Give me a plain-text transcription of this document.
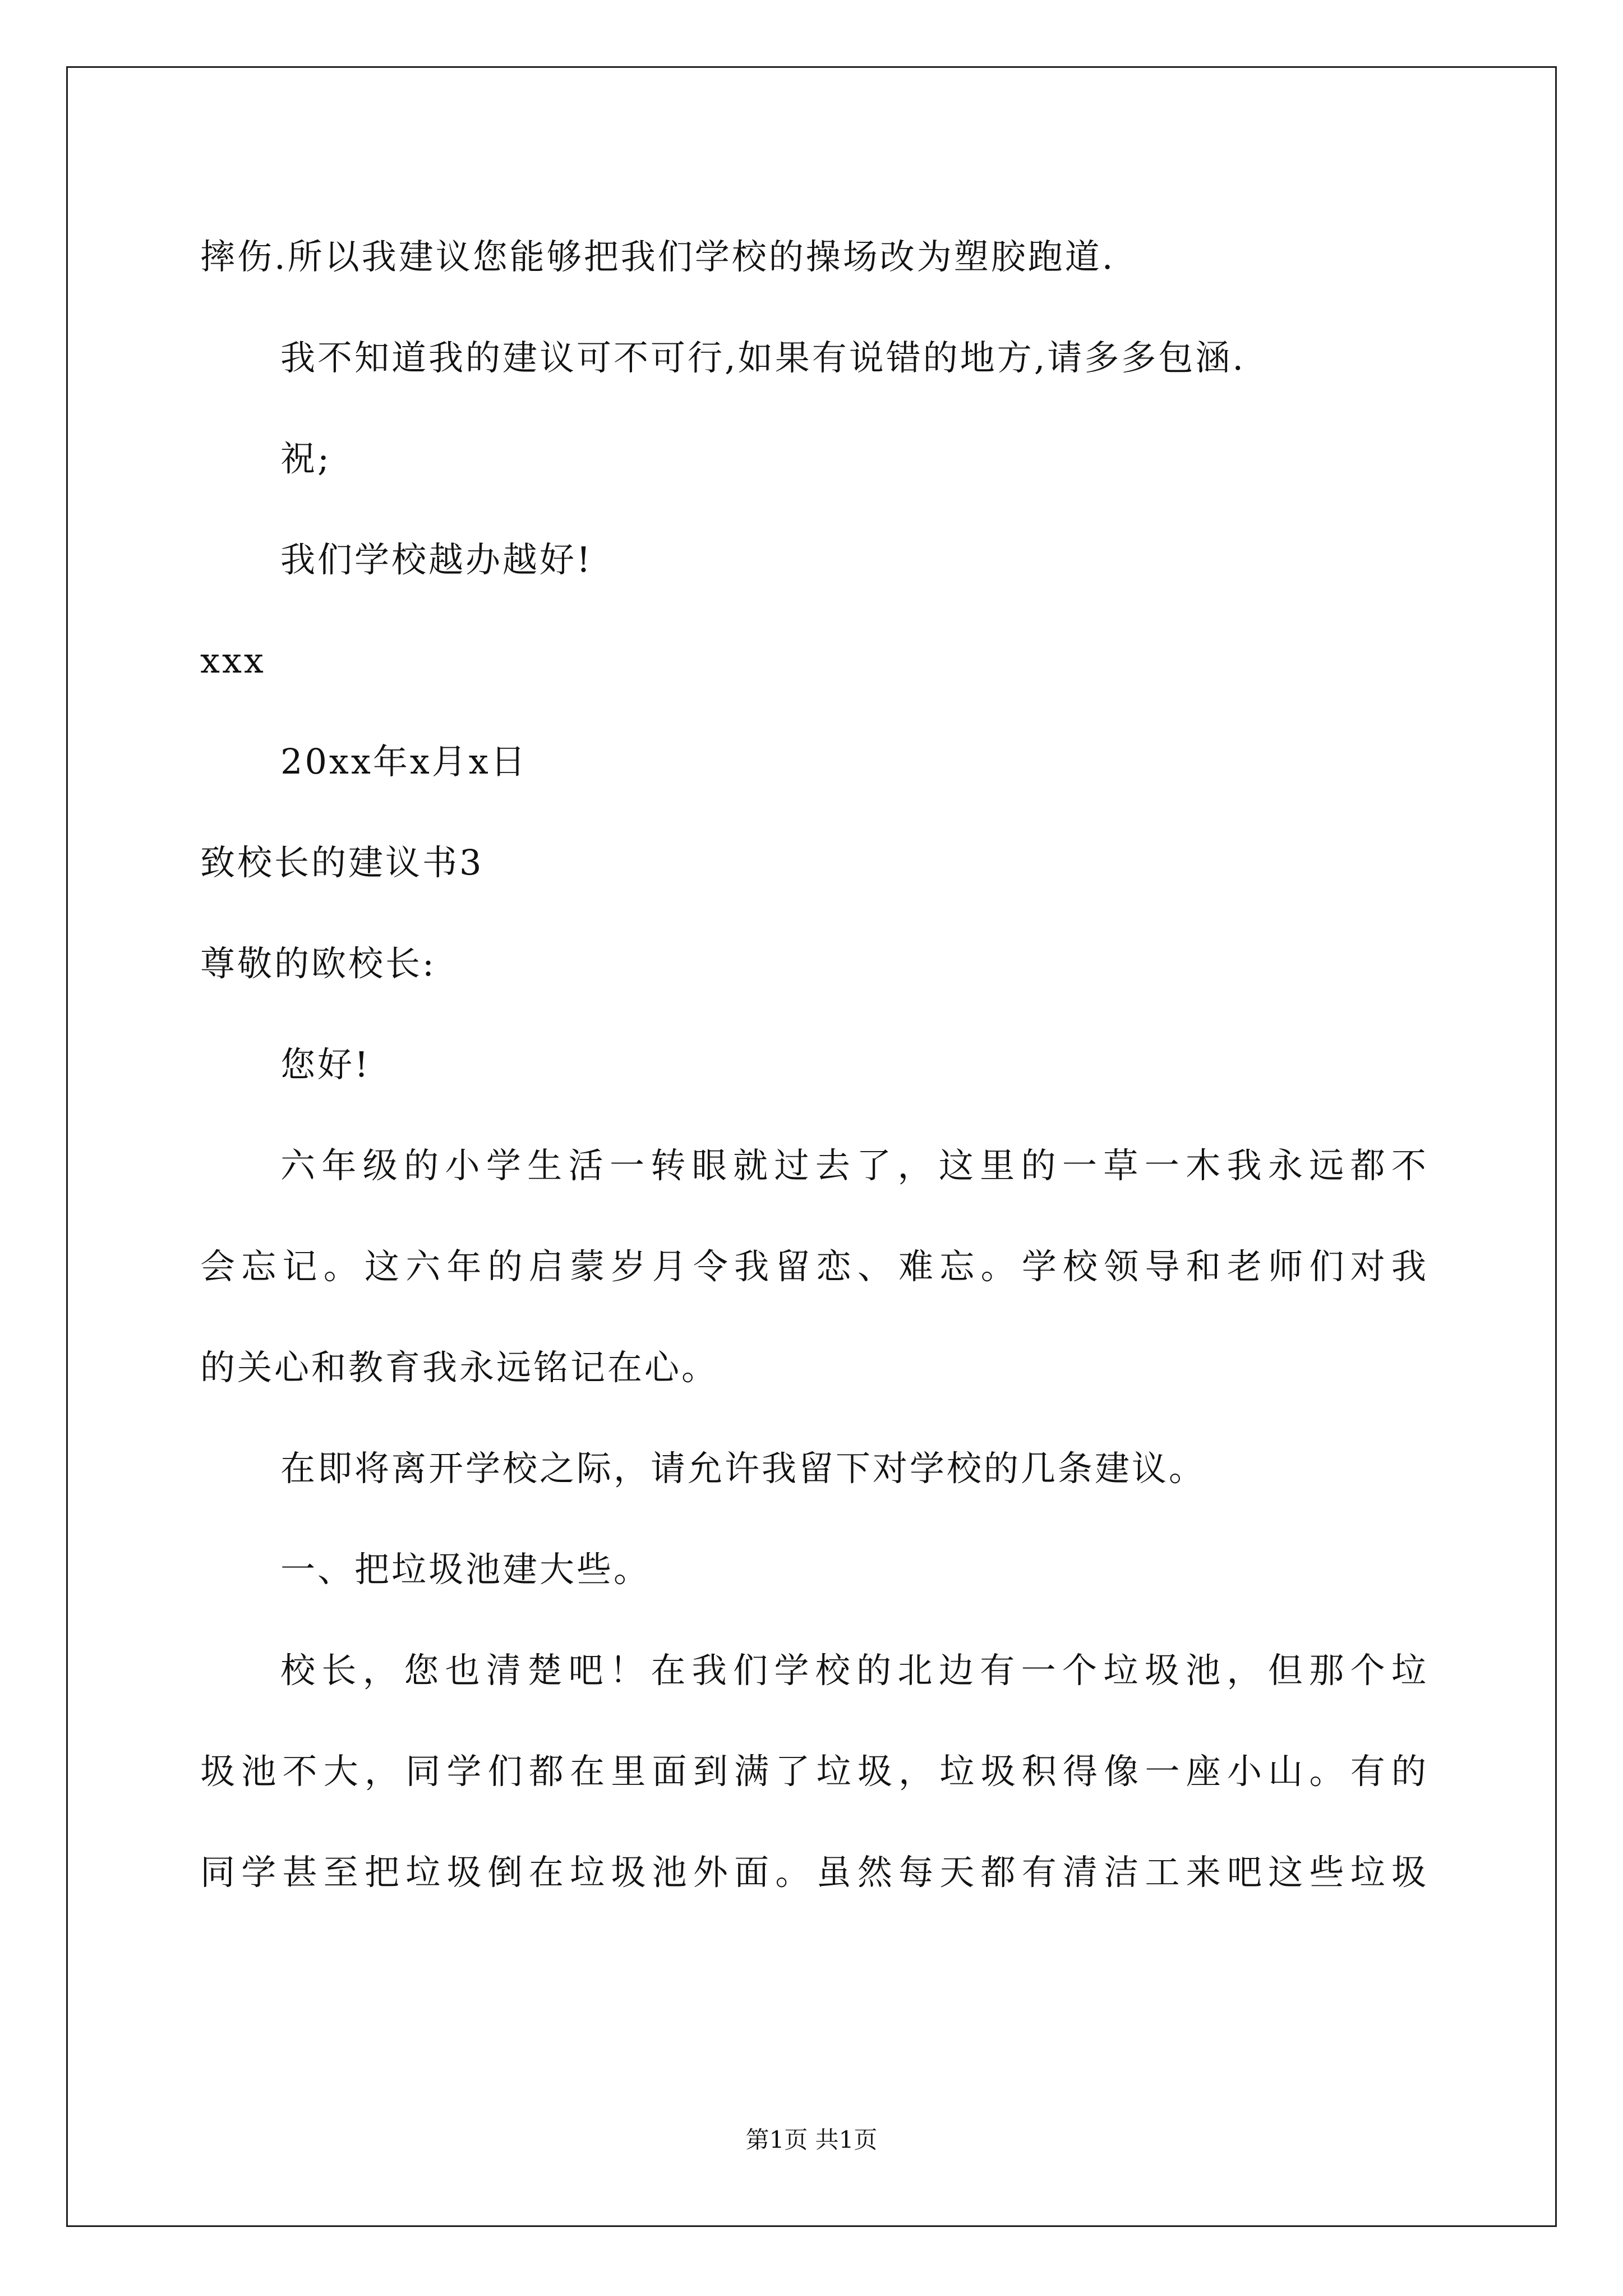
摔伤.所以我建议您能够把我们学校的操场改为塑胶跑道.
我不知道我的建议可不可行,如果有说错的地方,请多多包涵.
祝;
我们学校越办越好!
xxx
20xx年x月x日
致校长的建议书3
尊敬的欧校长:
您好!
六年级的小学生活一转眼就过去了，这里的一草一木我永远都不
会忘记。这六年的启蒙岁月令我留恋、难忘。学校领导和老师们对我
的关心和教育我永远铭记在心。
在即将离开学校之际，请允许我留下对学校的几条建议。
一、把垃圾池建大些。
校长，您也清楚吧！在我们学校的北边有一个垃圾池，但那个垃
圾池不大，同学们都在里面到满了垃圾，垃圾积得像一座小山。有的
同学甚至把垃圾倒在垃圾池外面。虽然每天都有清洁工来吧这些垃圾
第1页 共1页
